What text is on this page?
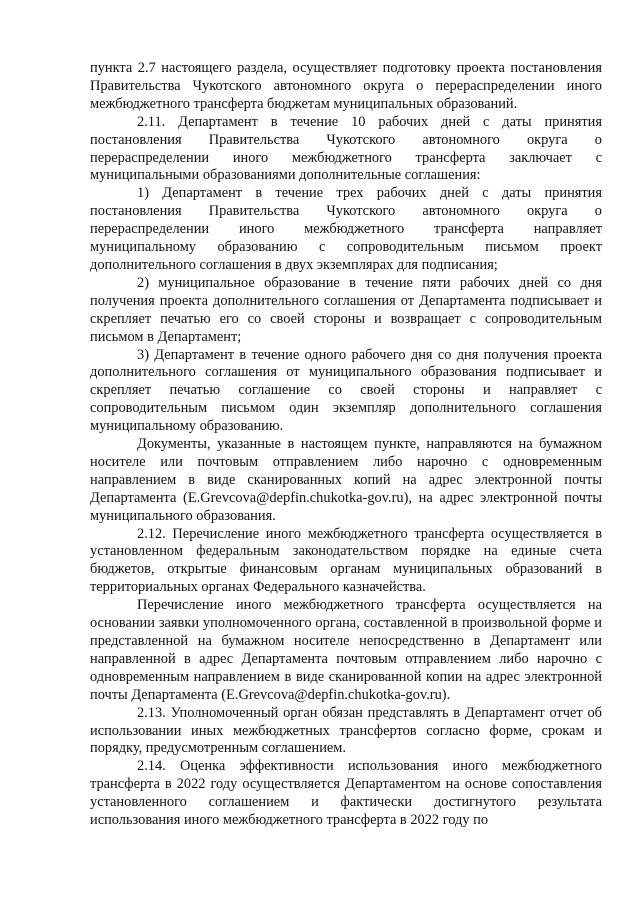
пункта 2.7 настоящего раздела, осуществляет подготовку проекта постановления Правительства Чукотского автономного округа о перераспределении иного межбюджетного трансферта бюджетам муниципальных образований.

2.11. Департамент в течение 10 рабочих дней с даты принятия постановления Правительства Чукотского автономного округа о перераспределении иного межбюджетного трансферта заключает с муниципальными образованиями дополнительные соглашения:

1) Департамент в течение трех рабочих дней с даты принятия постановления Правительства Чукотского автономного округа о перераспределении иного межбюджетного трансферта направляет муниципальному образованию с сопроводительным письмом проект дополнительного соглашения в двух экземплярах для подписания;

2) муниципальное образование в течение пяти рабочих дней со дня получения проекта дополнительного соглашения от Департамента подписывает и скрепляет печатью его со своей стороны и возвращает с сопроводительным письмом в Департамент;

3) Департамент в течение одного рабочего дня со дня получения проекта дополнительного соглашения от муниципального образования подписывает и скрепляет печатью соглашение со своей стороны и направляет с сопроводительным письмом один экземпляр дополнительного соглашения муниципальному образованию.

Документы, указанные в настоящем пункте, направляются на бумажном носителе или почтовым отправлением либо нарочно с одновременным направлением в виде сканированных копий на адрес электронной почты Департамента (E.Grevcova@depfin.chukotka-gov.ru), на адрес электронной почты муниципального образования.

2.12. Перечисление иного межбюджетного трансферта осуществляется в установленном федеральным законодательством порядке на единые счета бюджетов, открытые финансовым органам муниципальных образований в территориальных органах Федерального казначейства.

Перечисление иного межбюджетного трансферта осуществляется на основании заявки уполномоченного органа, составленной в произвольной форме и представленной на бумажном носителе непосредственно в Департамент или направленной в адрес Департамента почтовым отправлением либо нарочно с одновременным направлением в виде сканированной копии на адрес электронной почты Департамента (E.Grevcova@depfin.chukotka-gov.ru).

2.13. Уполномоченный орган обязан представлять в Департамент отчет об использовании иных межбюджетных трансфертов согласно форме, срокам и порядку, предусмотренным соглашением.

2.14. Оценка эффективности использования иного межбюджетного трансферта в 2022 году осуществляется Департаментом на основе сопоставления установленного соглашением и фактически достигнутого результата использования иного межбюджетного трансферта в 2022 году по
